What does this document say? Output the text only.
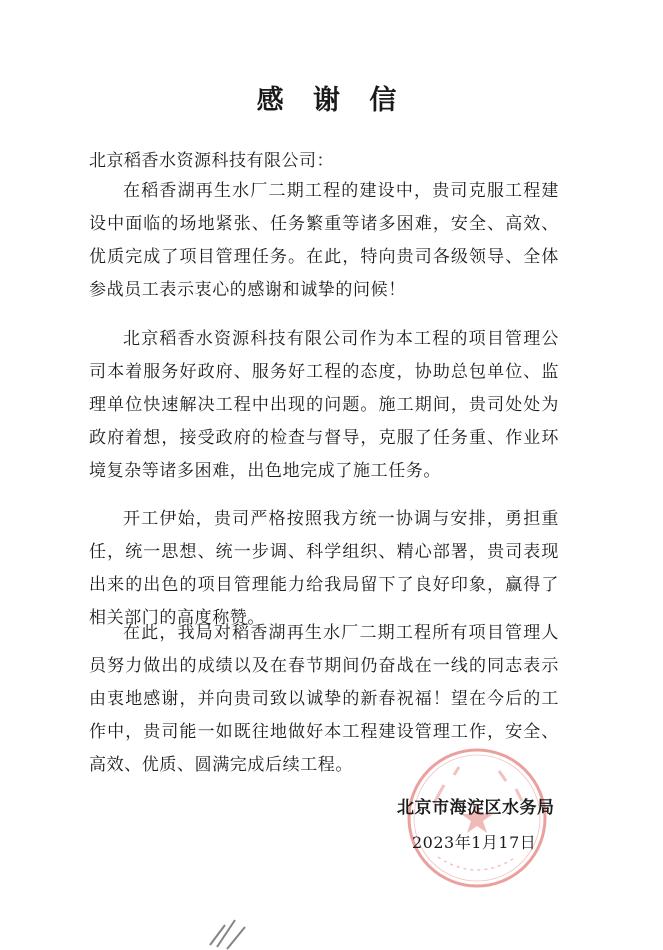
感 谢 信
北京稻香水资源科技有限公司：

在稻香湖再生水厂二期工程的建设中，贵司克服工程建设中面临的场地紧张、任务繁重等诸多困难，安全、高效、优质完成了项目管理任务。在此，特向贵司各级领导、全体参战员工表示衷心的感谢和诚挚的问候！

北京稻香水资源科技有限公司作为本工程的项目管理公司本着服务好政府、服务好工程的态度，协助总包单位、监理单位快速解决工程中出现的问题。施工期间，贵司处处为政府着想，接受政府的检查与督导，克服了任务重、作业环境复杂等诸多困难，出色地完成了施工任务。

开工伊始，贵司严格按照我方统一协调与安排，勇担重任，统一思想、统一步调、科学组织、精心部署，贵司表现出来的出色的项目管理能力给我局留下了良好印象，赢得了相关部门的高度称赞。

在此，我局对稻香湖再生水厂二期工程所有项目管理人员努力做出的成绩以及在春节期间仍奋战在一线的同志表示由衷地感谢，并向贵司致以诚挚的新春祝福！望在今后的工作中，贵司能一如既往地做好本工程建设管理工作，安全、高效、优质、圆满完成后续工程。

北京市海淀区水务局
2023年1月17日
